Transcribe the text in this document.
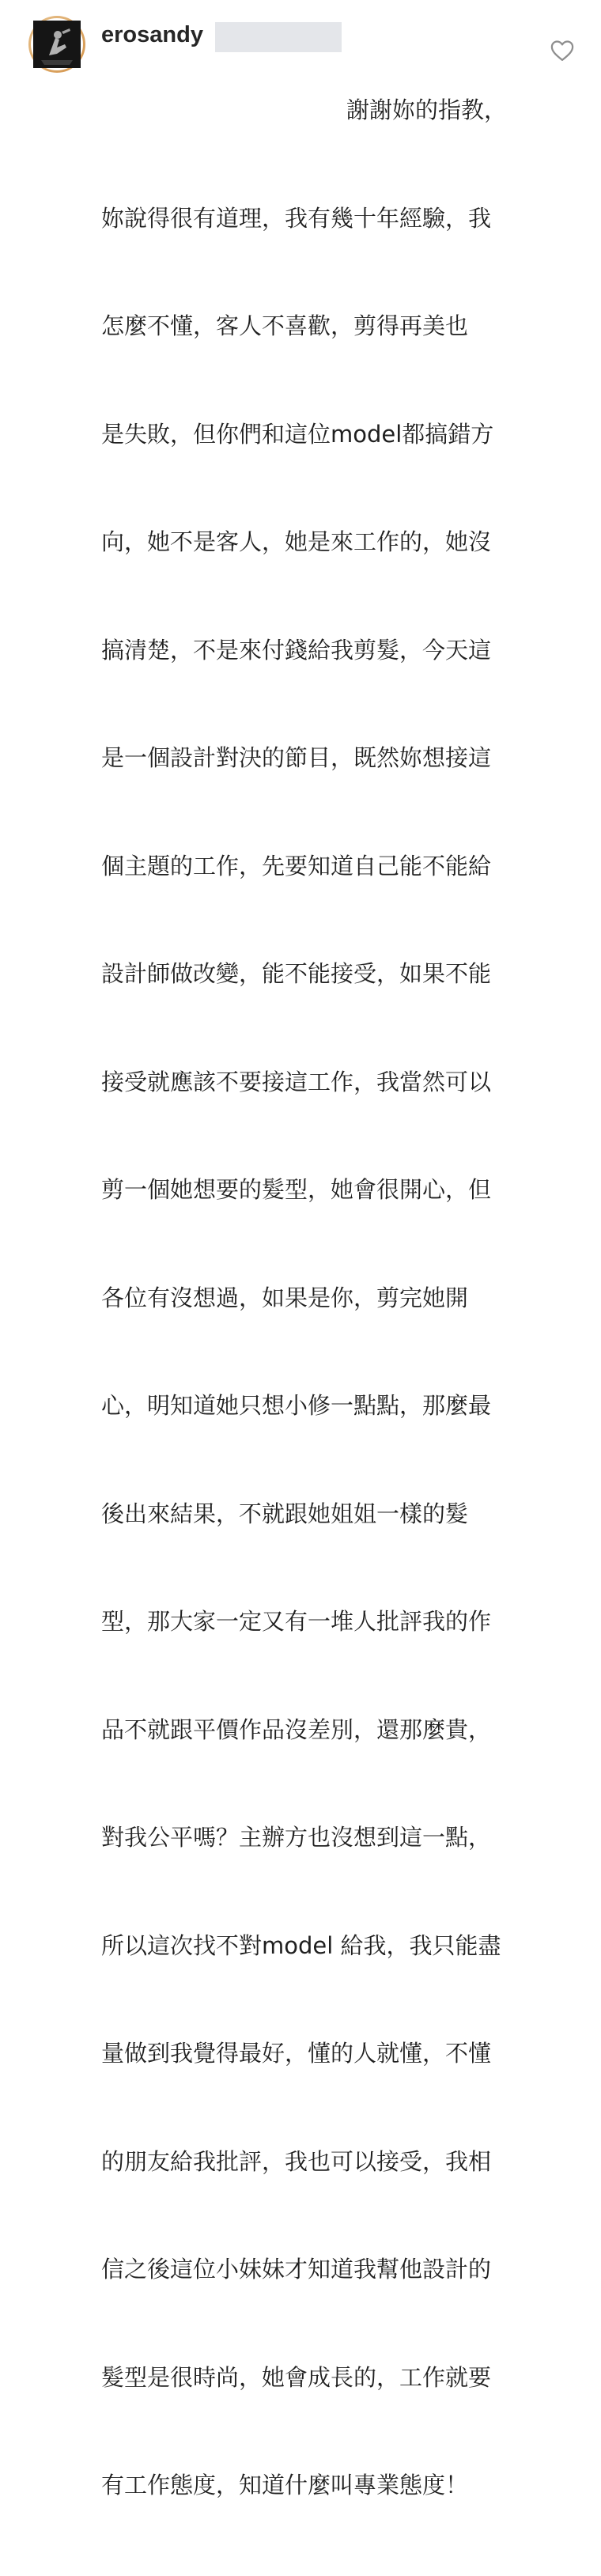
erosandy

謝謝妳的指教，

妳說得很有道理，我有幾十年經驗，我

怎麼不懂，客人不喜歡，剪得再美也

是失敗，但你們和這位model都搞錯方

向，她不是客人，她是來工作的，她沒

搞清楚，不是來付錢給我剪髮，今天這

是一個設計對決的節目，既然妳想接這

個主題的工作，先要知道自己能不能給

設計師做改變，能不能接受，如果不能

接受就應該不要接這工作，我當然可以

剪一個她想要的髮型，她會很開心，但

各位有沒想過，如果是你，剪完她開

心，明知道她只想小修一點點，那麼最

後出來結果，不就跟她姐姐一樣的髮

型，那大家一定又有一堆人批評我的作

品不就跟平價作品沒差別，還那麼貴，

對我公平嗎？主辦方也沒想到這一點，

所以這次找不對model 給我，我只能盡

量做到我覺得最好，懂的人就懂，不懂

的朋友給我批評，我也可以接受，我相

信之後這位小妹妹才知道我幫他設計的

髮型是很時尚，她會成長的，工作就要

有工作態度，知道什麼叫專業態度！
